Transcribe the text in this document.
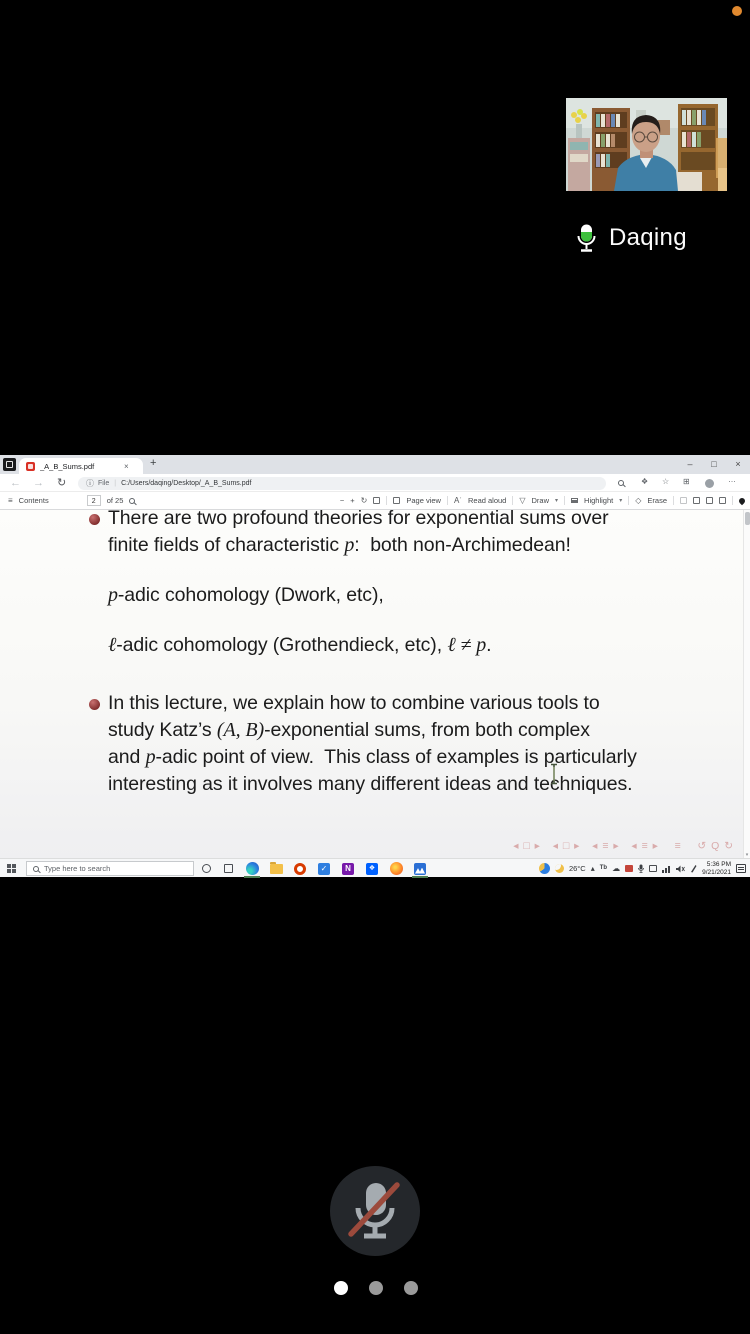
Daqing
_A_B_Sums.pdf	× +	–	□	×
← → ↻ ⓘ File | C:/Users/daqing/Desktop/_A_B_Sums.pdf	❖ ☆ ⊞	…
≡ Contents	2	of 25	− + ↻	Page view Aʾ Read aloud ▽ Draw ▾	Highlight ▾ ◇ Erase
There are two profound theories for exponential sums over
finite fields of characteristic p:  both non-Archimedean!
p-adic cohomology (Dwork, etc),
ℓ-adic cohomology (Grothendieck, etc), ℓ ≠ p.
In this lecture, we explain how to combine various tools to
study Katz’s (A, B)-exponential sums, from both complex
and p-adic point of view.  This class of examples is particularly
interesting as it involves many different ideas and techniques.
◂ □ ▸   ◂ □ ▸   ◂ ≡ ▸   ◂ ≡ ▸    ≡    ↺ Q ↻
▾
Type here to search	✓	N	❖	26°C ▴ Tb ☁	5:36 PM
9/21/2021
